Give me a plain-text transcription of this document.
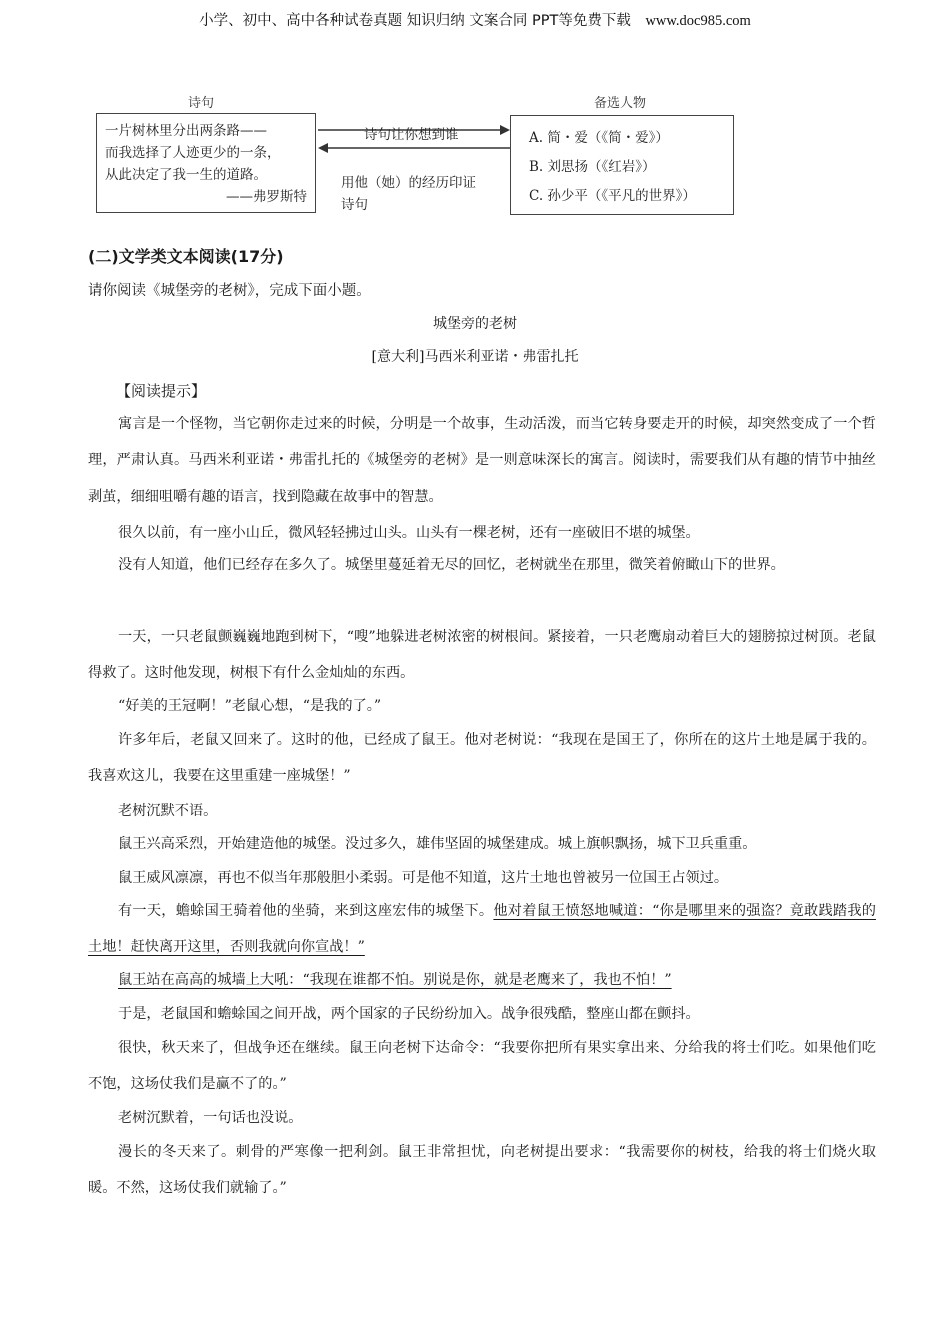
小学、初中、高中各种试卷真题 知识归纳 文案合同 PPT等免费下载 www.doc985.com
诗句	备选人物
一片树林里分出两条路——
而我选择了人迹更少的一条，
从此决定了我一生的道路。
——弗罗斯特
诗句让你想到谁
用他（她）的经历印证
诗句
A. 简・爱（《简・爱》）
B. 刘思扬（《红岩》）
C. 孙少平（《平凡的世界》）
(二)文学类文本阅读(17分)
请你阅读《城堡旁的老树》，完成下面小题。
城堡旁的老树
[意大利]马西米利亚诺・弗雷扎托
【阅读提示】

寓言是一个怪物，当它朝你走过来的时候，分明是一个故事，生动活泼，而当它转身要走开的时候，却突然变成了一个哲理，严肃认真。马西米利亚诺・弗雷扎托的《城堡旁的老树》是一则意味深长的寓言。阅读时，需要我们从有趣的情节中抽丝剥茧，细细咀嚼有趣的语言，找到隐藏在故事中的智慧。

很久以前，有一座小山丘，微风轻轻拂过山头。山头有一棵老树，还有一座破旧不堪的城堡。

没有人知道，他们已经存在多久了。城堡里蔓延着无尽的回忆，老树就坐在那里，微笑着俯瞰山下的世界。

一天，一只老鼠颤巍巍地跑到树下，“嗖”地躲进老树浓密的树根间。紧接着，一只老鹰扇动着巨大的翅膀掠过树顶。老鼠得救了。这时他发现，树根下有什么金灿灿的东西。

“好美的王冠啊！”老鼠心想，“是我的了。”

许多年后，老鼠又回来了。这时的他，已经成了鼠王。他对老树说：“我现在是国王了，你所在的这片土地是属于我的。我喜欢这儿，我要在这里重建一座城堡！”

老树沉默不语。

鼠王兴高采烈，开始建造他的城堡。没过多久，雄伟坚固的城堡建成。城上旗帜飘扬，城下卫兵重重。

鼠王威风凛凛，再也不似当年那般胆小柔弱。可是他不知道，这片土地也曾被另一位国王占领过。

有一天，蟾蜍国王骑着他的坐骑，来到这座宏伟的城堡下。他对着鼠王愤怒地喊道：“你是哪里来的强盗？竟敢践踏我的土地！赶快离开这里，否则我就向你宣战！”

鼠王站在高高的城墙上大吼：“我现在谁都不怕。别说是你，就是老鹰来了，我也不怕！”

于是，老鼠国和蟾蜍国之间开战，两个国家的子民纷纷加入。战争很残酷，整座山都在颤抖。

很快，秋天来了，但战争还在继续。鼠王向老树下达命令：“我要你把所有果实拿出来、分给我的将士们吃。如果他们吃不饱，这场仗我们是赢不了的。”

老树沉默着，一句话也没说。

漫长的冬天来了。刺骨的严寒像一把利剑。鼠王非常担忧，向老树提出要求：“我需要你的树枝，给我的将士们烧火取暖。不然，这场仗我们就输了。”
